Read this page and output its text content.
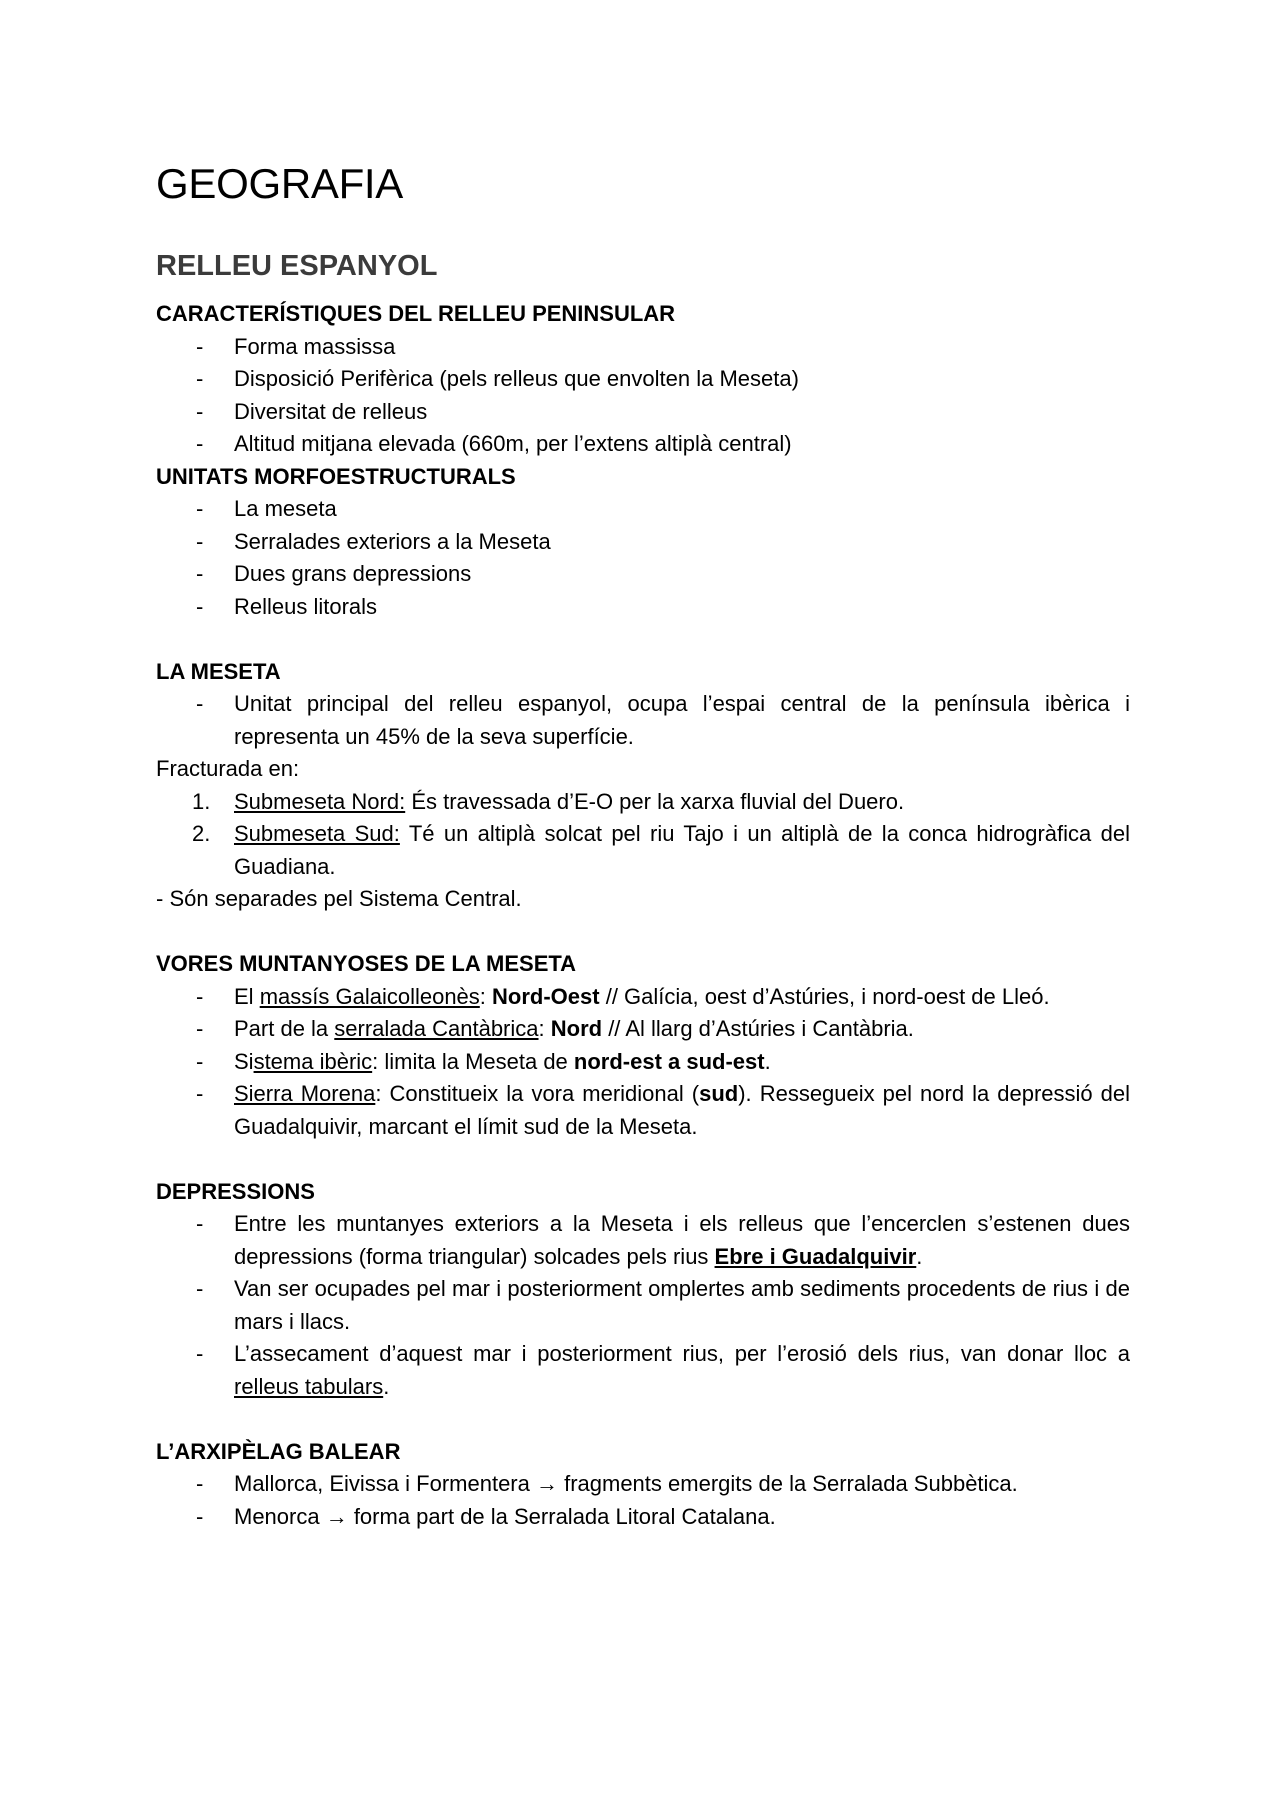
GEOGRAFIA
RELLEU ESPANYOL

CARACTERÍSTIQUES DEL RELLEU PENINSULAR

- Forma massissa
- Disposició Perifèrica (pels relleus que envolten la Meseta)
- Diversitat de relleus
- Altitud mitjana elevada (660m, per l’extens altiplà central)

UNITATS MORFOESTRUCTURALS

- La meseta
- Serralades exteriors a la Meseta
- Dues grans depressions
- Relleus litorals

LA MESETA

- Unitat principal del relleu espanyol, ocupa l’espai central de la península ibèrica i representa un 45% de la seva superfície.

Fracturada en:

1. Submeseta Nord: És travessada d’E-O per la xarxa fluvial del Duero.
2. Submeseta Sud: Té un altiplà solcat pel riu Tajo i un altiplà de la conca hidrogràfica del Guadiana.

- Són separades pel Sistema Central.

VORES MUNTANYOSES DE LA MESETA

- El massís Galaicolleonès: Nord-Oest // Galícia, oest d’Astúries, i nord-oest de Lleó.
- Part de la serralada Cantàbrica: Nord // Al llarg d’Astúries i Cantàbria.
- Sistema ibèric: limita la Meseta de nord-est a sud-est.
- Sierra Morena: Constitueix la vora meridional (sud). Ressegueix pel nord la depressió del Guadalquivir, marcant el límit sud de la Meseta.

DEPRESSIONS

- Entre les muntanyes exteriors a la Meseta i els relleus que l’encerclen s’estenen dues depressions (forma triangular) solcades pels rius Ebre i Guadalquivir.
- Van ser ocupades pel mar i posteriorment omplertes amb sediments procedents de rius i de mars i llacs.
- L’assecament d’aquest mar i posteriorment rius, per l’erosió dels rius, van donar lloc a relleus tabulars.

L’ARXIPÈLAG BALEAR

- Mallorca, Eivissa i Formentera → fragments emergits de la Serralada Subbètica.
- Menorca → forma part de la Serralada Litoral Catalana.
